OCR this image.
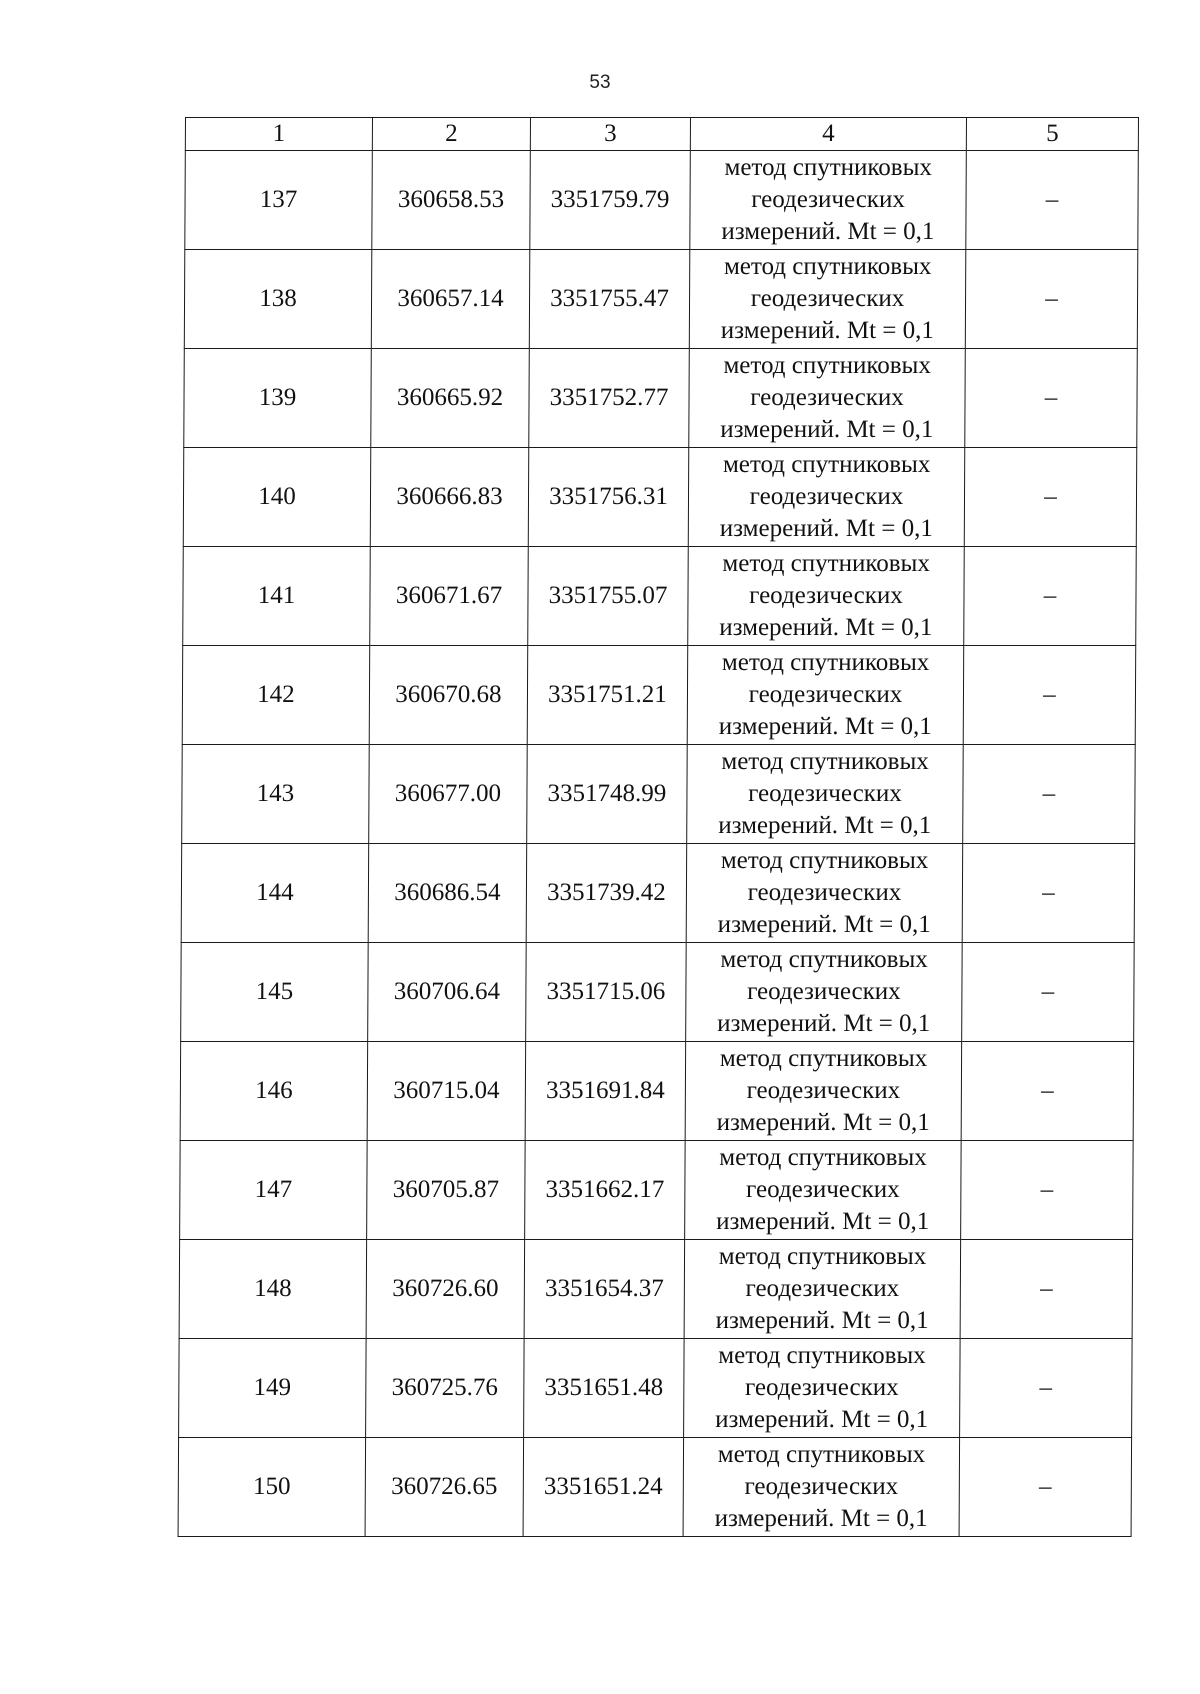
53
1	2	3	4	5
137	360658.53	3351759.79	метод спутниковых
геодезических
измерений. Mt = 0,1	–
138	360657.14	3351755.47	метод спутниковых
геодезических
измерений. Mt = 0,1	–
139	360665.92	3351752.77	метод спутниковых
геодезических
измерений. Mt = 0,1	–
140	360666.83	3351756.31	метод спутниковых
геодезических
измерений. Mt = 0,1	–
141	360671.67	3351755.07	метод спутниковых
геодезических
измерений. Mt = 0,1	–
142	360670.68	3351751.21	метод спутниковых
геодезических
измерений. Mt = 0,1	–
143	360677.00	3351748.99	метод спутниковых
геодезических
измерений. Mt = 0,1	–
144	360686.54	3351739.42	метод спутниковых
геодезических
измерений. Mt = 0,1	–
145	360706.64	3351715.06	метод спутниковых
геодезических
измерений. Mt = 0,1	–
146	360715.04	3351691.84	метод спутниковых
геодезических
измерений. Mt = 0,1	–
147	360705.87	3351662.17	метод спутниковых
геодезических
измерений. Mt = 0,1	–
148	360726.60	3351654.37	метод спутниковых
геодезических
измерений. Mt = 0,1	–
149	360725.76	3351651.48	метод спутниковых
геодезических
измерений. Mt = 0,1	–
150	360726.65	3351651.24	метод спутниковых
геодезических
измерений. Mt = 0,1	–
